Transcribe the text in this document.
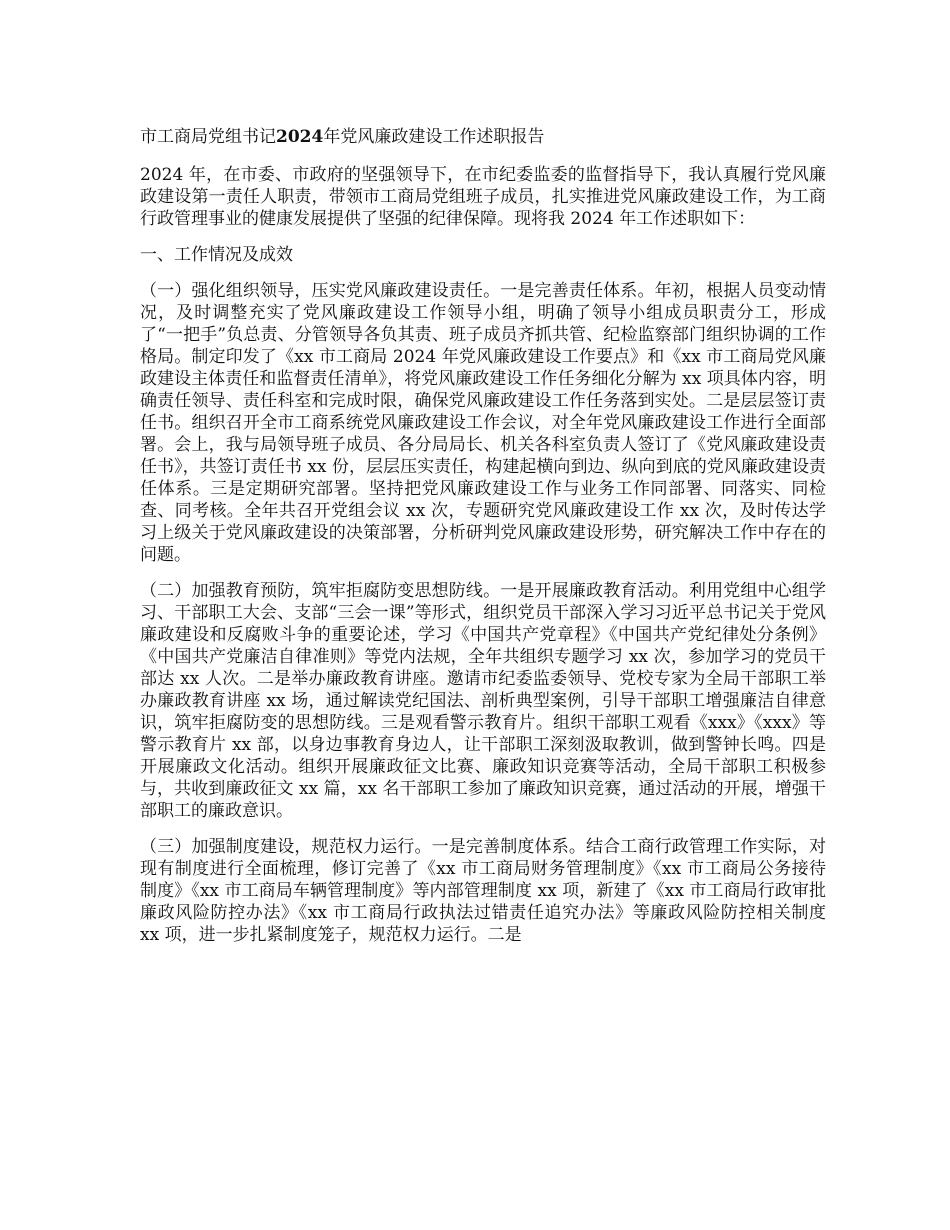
市工商局党组书记2024年党风廉政建设工作述职报告

2024 年，在市委、市政府的坚强领导下，在市纪委监委的监督指导下，我认真履行党风廉政建设第一责任人职责，带领市工商局党组班子成员，扎实推进党风廉政建设工作，为工商行政管理事业的健康发展提供了坚强的纪律保障。现将我 2024 年工作述职如下：

一、工作情况及成效

（一）强化组织领导，压实党风廉政建设责任。一是完善责任体系。年初，根据人员变动情况，及时调整充实了党风廉政建设工作领导小组，明确了领导小组成员职责分工，形成了“一把手”负总责、分管领导各负其责、班子成员齐抓共管、纪检监察部门组织协调的工作格局。制定印发了《xx 市工商局 2024 年党风廉政建设工作要点》和《xx 市工商局党风廉政建设主体责任和监督责任清单》，将党风廉政建设工作任务细化分解为 xx 项具体内容，明确责任领导、责任科室和完成时限，确保党风廉政建设工作任务落到实处。二是层层签订责任书。组织召开全市工商系统党风廉政建设工作会议，对全年党风廉政建设工作进行全面部署。会上，我与局领导班子成员、各分局局长、机关各科室负责人签订了《党风廉政建设责任书》，共签订责任书 xx 份，层层压实责任，构建起横向到边、纵向到底的党风廉政建设责任体系。三是定期研究部署。坚持把党风廉政建设工作与业务工作同部署、同落实、同检查、同考核。全年共召开党组会议 xx 次，专题研究党风廉政建设工作 xx 次，及时传达学习上级关于党风廉政建设的决策部署，分析研判党风廉政建设形势，研究解决工作中存在的问题。

（二）加强教育预防，筑牢拒腐防变思想防线。一是开展廉政教育活动。利用党组中心组学习、干部职工大会、支部“三会一课”等形式，组织党员干部深入学习习近平总书记关于党风廉政建设和反腐败斗争的重要论述，学习《中国共产党章程》《中国共产党纪律处分条例》《中国共产党廉洁自律准则》等党内法规，全年共组织专题学习 xx 次，参加学习的党员干部达 xx 人次。二是举办廉政教育讲座。邀请市纪委监委领导、党校专家为全局干部职工举办廉政教育讲座 xx 场，通过解读党纪国法、剖析典型案例，引导干部职工增强廉洁自律意识，筑牢拒腐防变的思想防线。三是观看警示教育片。组织干部职工观看《xxx》《xxx》等警示教育片 xx 部，以身边事教育身边人，让干部职工深刻汲取教训，做到警钟长鸣。四是开展廉政文化活动。组织开展廉政征文比赛、廉政知识竞赛等活动，全局干部职工积极参与，共收到廉政征文 xx 篇，xx 名干部职工参加了廉政知识竞赛，通过活动的开展，增强干部职工的廉政意识。

（三）加强制度建设，规范权力运行。一是完善制度体系。结合工商行政管理工作实际，对现有制度进行全面梳理，修订完善了《xx 市工商局财务管理制度》《xx 市工商局公务接待制度》《xx 市工商局车辆管理制度》等内部管理制度 xx 项，新建了《xx 市工商局行政审批廉政风险防控办法》《xx 市工商局行政执法过错责任追究办法》等廉政风险防控相关制度 xx 项，进一步扎紧制度笼子，规范权力运行。二是
